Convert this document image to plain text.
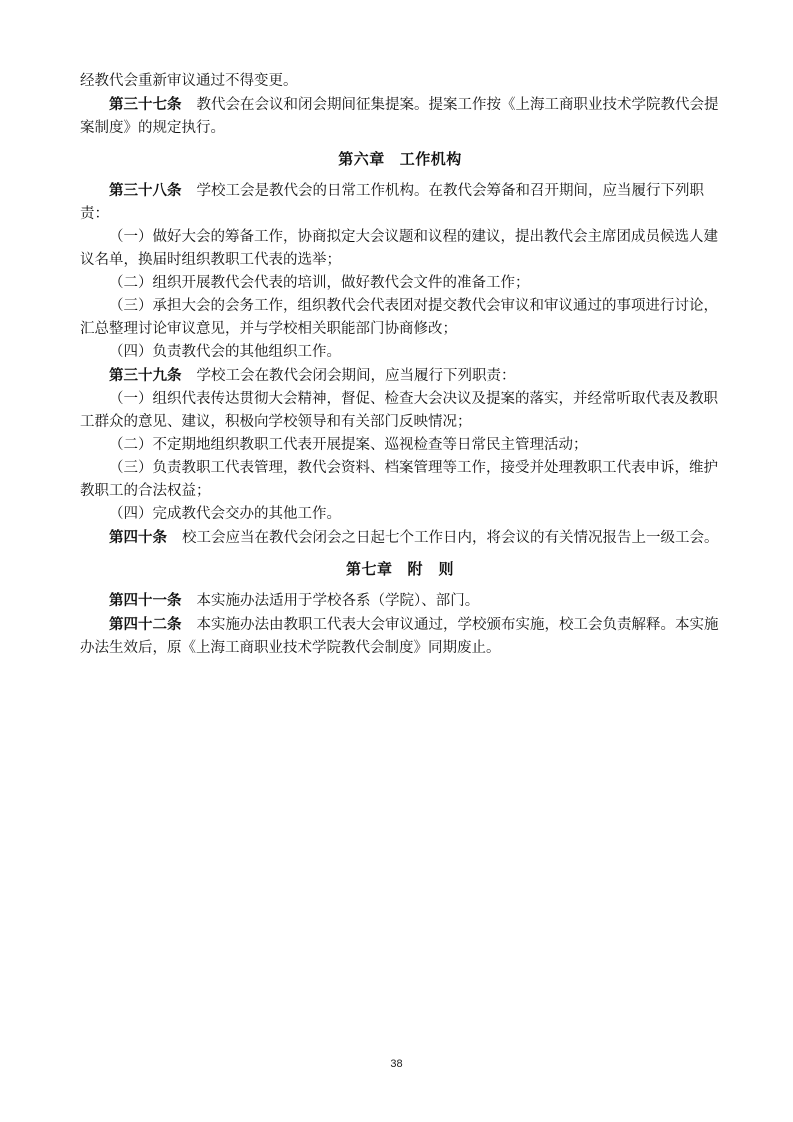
经教代会重新审议通过不得变更。

第三十七条 教代会在会议和闭会期间征集提案。提案工作按《上海工商职业技术学院教代会提案制度》的规定执行。

第六章 工作机构

第三十八条 学校工会是教代会的日常工作机构。在教代会筹备和召开期间，应当履行下列职责：

（一）做好大会的筹备工作，协商拟定大会议题和议程的建议，提出教代会主席团成员候选人建议名单，换届时组织教职工代表的选举；

（二）组织开展教代会代表的培训，做好教代会文件的准备工作；

（三）承担大会的会务工作，组织教代会代表团对提交教代会审议和审议通过的事项进行讨论，汇总整理讨论审议意见，并与学校相关职能部门协商修改；

（四）负责教代会的其他组织工作。

第三十九条 学校工会在教代会闭会期间，应当履行下列职责：

（一）组织代表传达贯彻大会精神，督促、检查大会决议及提案的落实，并经常听取代表及教职工群众的意见、建议，积极向学校领导和有关部门反映情况；

（二）不定期地组织教职工代表开展提案、巡视检查等日常民主管理活动；

（三）负责教职工代表管理，教代会资料、档案管理等工作，接受并处理教职工代表申诉，维护教职工的合法权益；

（四）完成教代会交办的其他工作。

第四十条 校工会应当在教代会闭会之日起七个工作日内，将会议的有关情况报告上一级工会。

第七章 附　则

第四十一条 本实施办法适用于学校各系（学院）、部门。

第四十二条 本实施办法由教职工代表大会审议通过，学校颁布实施，校工会负责解释。本实施办法生效后，原《上海工商职业技术学院教代会制度》同期废止。

38
